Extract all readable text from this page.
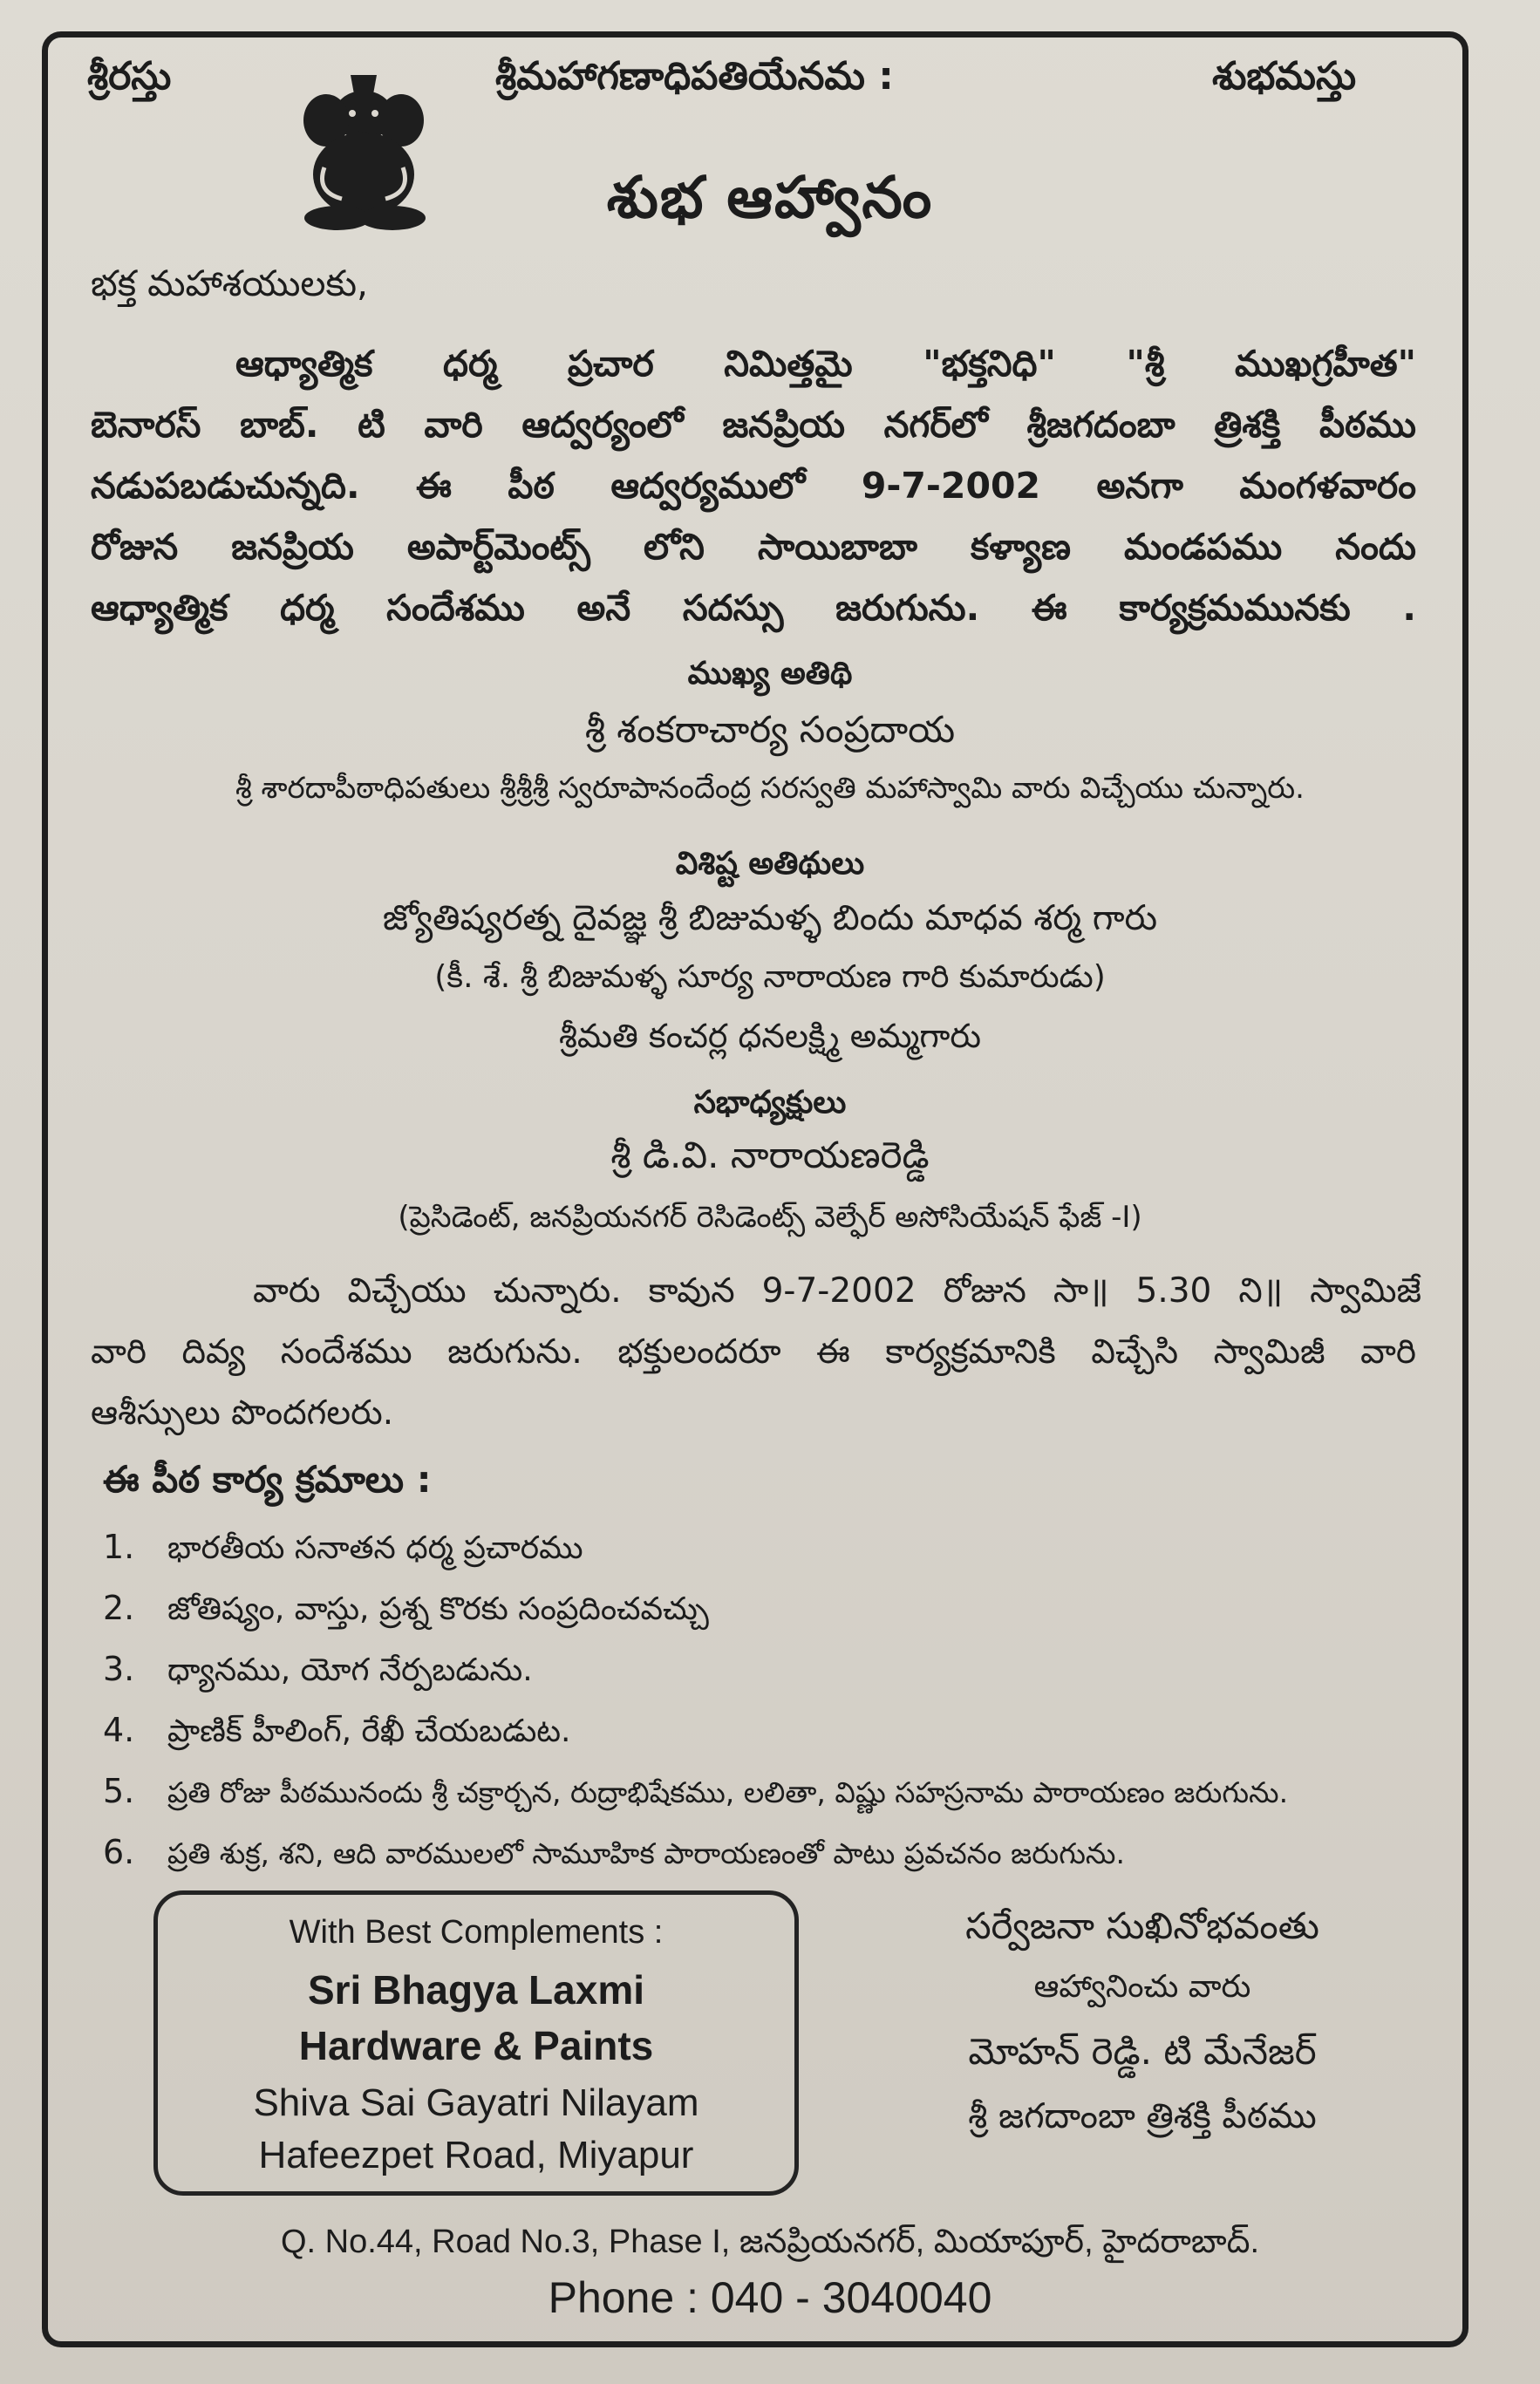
శ్రీరస్తు	శ్రీమహాగణాధిపతియేనమ :	శుభమస్తు
శుభ ఆహ్వానం
భక్త మహాశయులకు,
ఆధ్యాత్మిక ధర్మ ప్రచార నిమిత్తమై "భక్తనిధి" "శ్రీ ముఖగ్రహీత"
బెనారస్ బాబ్. టి వారి ఆద్వర్యంలో జనప్రియ నగర్‌లో శ్రీజగదంబా త్రిశక్తి పీఠము
నడుపబడుచున్నది. ఈ పీఠ ఆద్వర్యములో 9-7-2002 అనగా మంగళవారం
రోజున జనప్రియ అపార్ట్‌మెంట్స్ లోని సాయిబాబా కళ్యాణ మండపము నందు
ఆధ్యాత్మిక ధర్మ సందేశము అనే సదస్సు జరుగును. ఈ కార్యక్రమమునకు .
ముఖ్య అతిథి
శ్రీ శంకరాచార్య సంప్రదాయ
శ్రీ శారదాపీఠాధిపతులు శ్రీశ్రీశ్రీ స్వరూపానందేంద్ర సరస్వతి మహాస్వామి వారు విచ్చేయు చున్నారు.
విశిష్ట అతిథులు
జ్యోతిష్యరత్న దైవజ్ఞ శ్రీ బిజుమళ్ళ బిందు మాధవ శర్మ గారు
(కీ. శే. శ్రీ బిజుమళ్ళ సూర్య నారాయణ గారి కుమారుడు)
శ్రీమతి కంచర్ల ధనలక్ష్మి అమ్మగారు
సభాధ్యక్షులు
శ్రీ డి.వి. నారాయణరెడ్డి
(ప్రెసిడెంట్, జనప్రియనగర్ రెసిడెంట్స్ వెల్ఫేర్ అసోసియేషన్ ఫేజ్ -I)
వారు విచ్చేయు చున్నారు. కావున 9-7-2002 రోజున సా॥ 5.30 ని॥ స్వామిజే
వారి దివ్య సందేశము జరుగును. భక్తులందరూ ఈ కార్యక్రమానికి విచ్చేసి స్వామిజీ వారి
ఆశీస్సులు పొందగలరు.
ఈ పీఠ కార్య క్రమాలు :
1. భారతీయ సనాతన ధర్మ ప్రచారము
2. జోతిష్యం, వాస్తు, ప్రశ్న కొరకు సంప్రదించవచ్చు
3. ధ్యానము, యోగ నేర్పబడును.
4. ప్రాణిక్ హీలింగ్, రేఖీ చేయబడుట.
5. ప్రతి రోజు పీఠమునందు శ్రీ చక్రార్చన, రుద్రాభిషేకము, లలితా, విష్ణు సహస్రనామ పారాయణం జరుగును.
6. ప్రతి శుక్ర, శని, ఆది వారములలో సామూహిక పారాయణంతో పాటు ప్రవచనం జరుగును.
With Best Complements :
Sri Bhagya Laxmi
Hardware & Paints
Shiva Sai Gayatri Nilayam
Hafeezpet Road, Miyapur
సర్వేజనా సుఖినోభవంతు
ఆహ్వానించు వారు
మోహన్ రెడ్డి. టి మేనేజర్
శ్రీ జగదాంబా త్రిశక్తి పీఠము
Q. No.44, Road No.3, Phase I, జనప్రియనగర్, మియాపూర్, హైదరాబాద్.
Phone : 040 - 3040040
